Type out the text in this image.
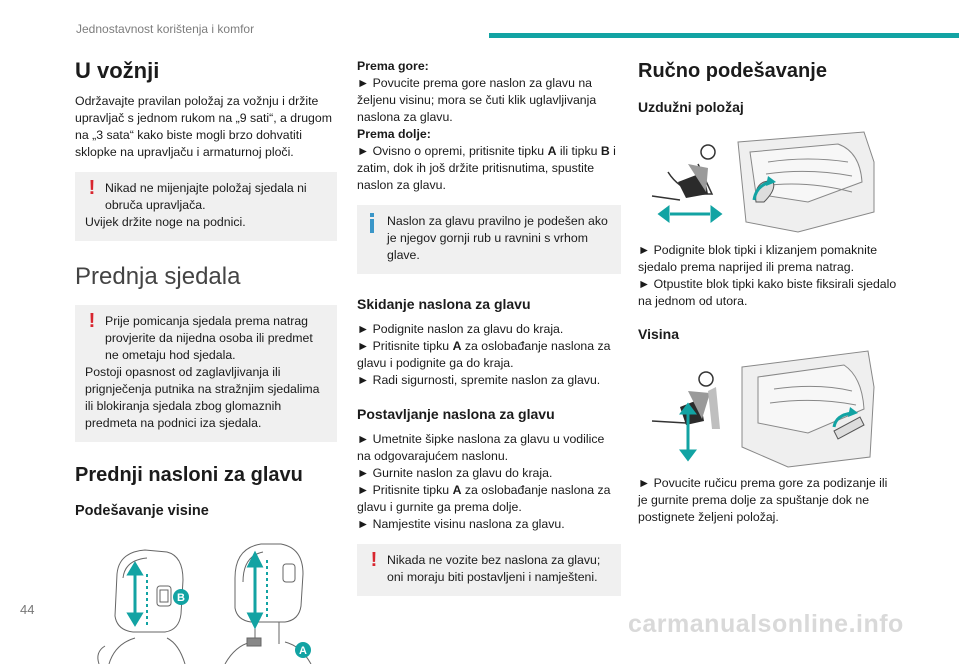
Jednostavnost korištenja i komfor
U vožnji

Održavajte pravilan položaj za vožnju i držite upravljač s jednom rukom na „9 sati“, a drugom na „3 sata“ kako biste mogli brzo dohvatiti sklopke na upravljaču i armaturnoj ploči.

! Nikad ne mijenjajte položaj sjedala ni obruča upravljača.

Uvijek držite noge na podnici.

Prednja sjedala
! Prije pomicanja sjedala prema natrag provjerite da nijedna osoba ili predmet ne ometaju hod sjedala.

Postoji opasnost od zaglavljivanja ili prignječenja putnika na stražnjim sjedalima ili blokiranja sjedala zbog glomaznih predmeta na podnici iza sjedala.

Prednji nasloni za glavu
Podešavanje visine
B
A

Prema gore:

► Povucite prema gore naslon za glavu na željenu visinu; mora se čuti klik uglavljivanja naslona za glavu.

Prema dolje:

► Ovisno o opremi, pritisnite tipku A ili tipku B i zatim, dok ih još držite pritisnutima, spustite naslon za glavu.

Naslon za glavu pravilno je podešen ako je njegov gornji rub u ravnini s vrhom glave.

Skidanje naslona za glavu

► Podignite naslon za glavu do kraja.

► Pritisnite tipku A za oslobađanje naslona za glavu i podignite ga do kraja.

► Radi sigurnosti, spremite naslon za glavu.

Postavljanje naslona za glavu

► Umetnite šipke naslona za glavu u vodilice na odgovarajućem naslonu.

► Gurnite naslon za glavu do kraja.

► Pritisnite tipku A za oslobađanje naslona za glavu i gurnite ga prema dolje.

► Namjestite visinu naslona za glavu.

! Nikada ne vozite bez naslona za glavu; oni moraju biti postavljeni i namješteni.

Ručno podešavanje
Uzdužni položaj

► Podignite blok tipki i klizanjem pomaknite sjedalo prema naprijed ili prema natrag.

► Otpustite blok tipki kako biste fiksirali sjedalo na jednom od utora.

Visina

► Povucite ručicu prema gore za podizanje ili je gurnite prema dolje za spuštanje dok ne postignete željeni položaj.

44
carmanualsonline.info
